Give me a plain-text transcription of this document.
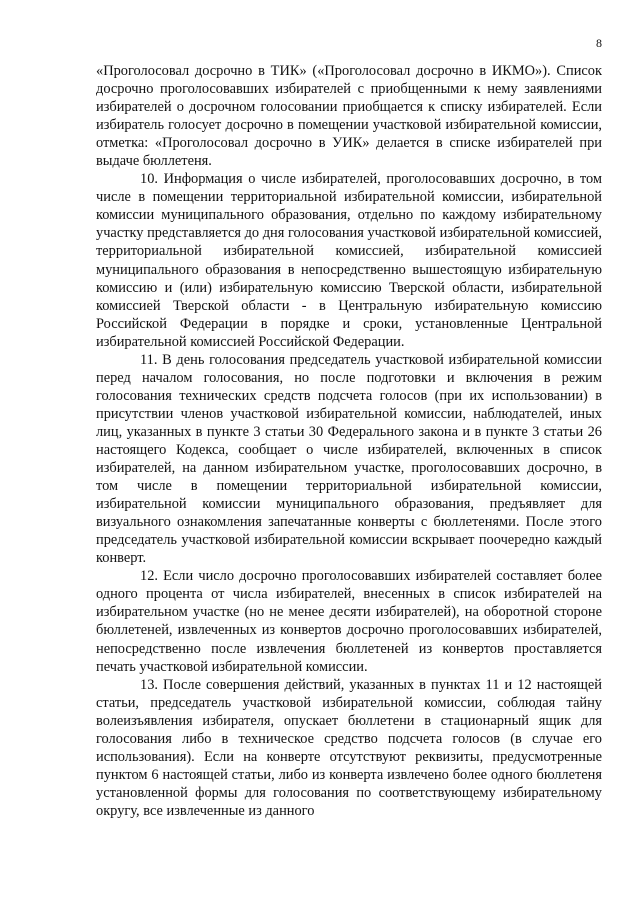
8

«Проголосовал досрочно в ТИК» («Проголосовал досрочно в ИКМО»). Список досрочно проголосовавших избирателей с приобщенными к нему заявлениями избирателей о досрочном голосовании приобщается к списку избирателей. Если избиратель голосует досрочно в помещении участковой избирательной комиссии, отметка: «Проголосовал досрочно в УИК» делается в списке избирателей при выдаче бюллетеня.

10. Информация о числе избирателей, проголосовавших досрочно, в том числе в помещении территориальной избирательной комиссии, избирательной комиссии муниципального образования, отдельно по каждому избирательному участку представляется до дня голосования участковой избирательной комиссией, территориальной избирательной комиссией, избирательной комиссией муниципального образования в непосредственно вышестоящую избирательную комиссию и (или) избирательную комиссию Тверской области, избирательной комиссией Тверской области - в Центральную избирательную комиссию Российской Федерации в порядке и сроки, установленные Центральной избирательной комиссией Российской Федерации.

11. В день голосования председатель участковой избирательной комиссии перед началом голосования, но после подготовки и включения в режим голосования технических средств подсчета голосов (при их использовании) в присутствии членов участковой избирательной комиссии, наблюдателей, иных лиц, указанных в пункте 3 статьи 30 Федерального закона и в пункте 3 статьи 26 настоящего Кодекса, сообщает о числе избирателей, включенных в список избирателей, на данном избирательном участке, проголосовавших досрочно, в том числе в помещении территориальной избирательной комиссии, избирательной комиссии муниципального образования, предъявляет для визуального ознакомления запечатанные конверты с бюллетенями. После этого председатель участковой избирательной комиссии вскрывает поочередно каждый конверт.

12. Если число досрочно проголосовавших избирателей составляет более одного процента от числа избирателей, внесенных в список избирателей на избирательном участке (но не менее десяти избирателей), на оборотной стороне бюллетеней, извлеченных из конвертов досрочно проголосовавших избирателей, непосредственно после извлечения бюллетеней из конвертов проставляется печать участковой избирательной комиссии.

13. После совершения действий, указанных в пунктах 11 и 12 настоящей статьи, председатель участковой избирательной комиссии, соблюдая тайну волеизъявления избирателя, опускает бюллетени в стационарный ящик для голосования либо в техническое средство подсчета голосов (в случае его использования). Если на конверте отсутствуют реквизиты, предусмотренные пунктом 6 настоящей статьи, либо из конверта извлечено более одного бюллетеня установленной формы для голосования по соответствующему избирательному округу, все извлеченные из данного
